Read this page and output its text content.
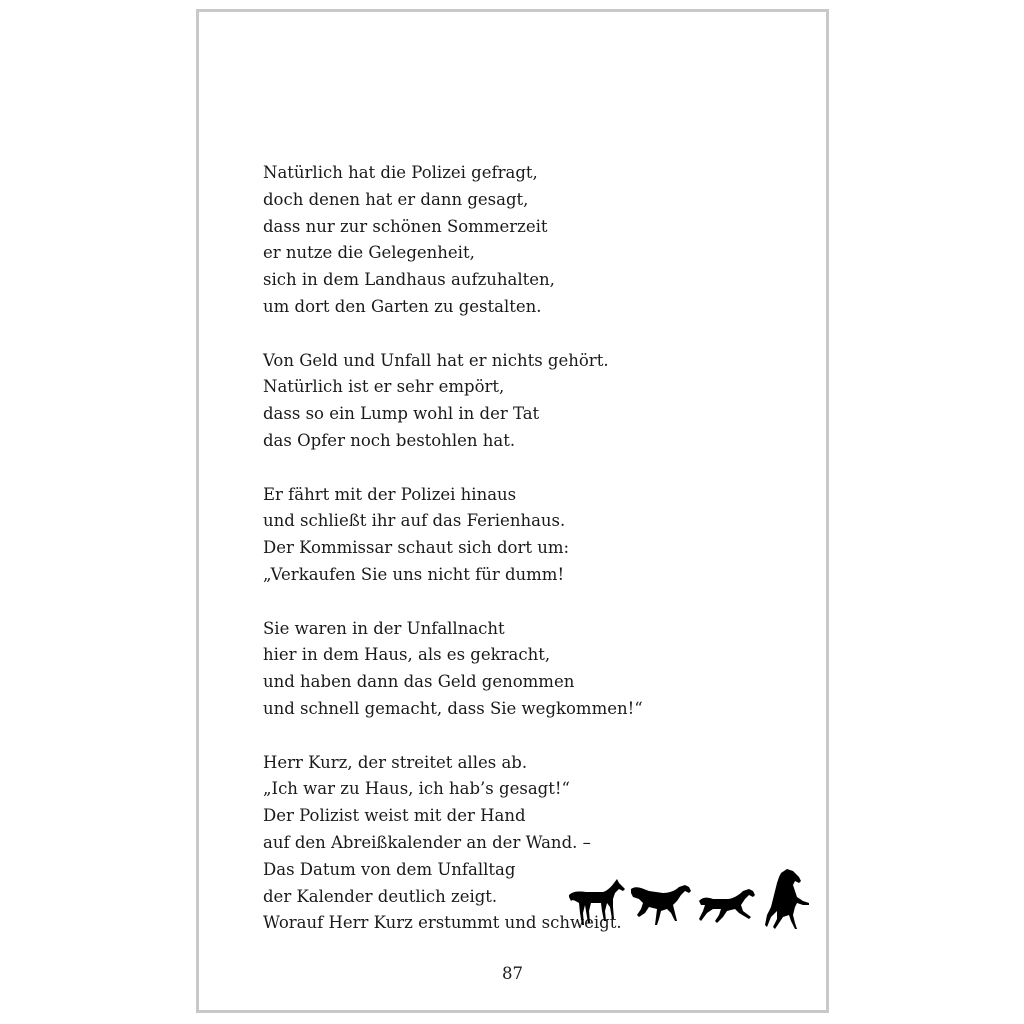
Natürlich hat die Polizei gefragt,
doch denen hat er dann gesagt,
dass nur zur schönen Sommerzeit
er nutze die Gelegenheit,
sich in dem Landhaus aufzuhalten,
um dort den Garten zu gestalten.
Von Geld und Unfall hat er nichts gehört.
Natürlich ist er sehr empört,
dass so ein Lump wohl in der Tat
das Opfer noch bestohlen hat.
Er fährt mit der Polizei hinaus
und schließt ihr auf das Ferienhaus.
Der Kommissar schaut sich dort um:
„Verkaufen Sie uns nicht für dumm!
Sie waren in der Unfallnacht
hier in dem Haus, als es gekracht,
und haben dann das Geld genommen
und schnell gemacht, dass Sie wegkommen!“
Herr Kurz, der streitet alles ab.
„Ich war zu Haus, ich hab’s gesagt!“
Der Polizist weist mit der Hand
auf den Abreißkalender an der Wand. –
Das Datum von dem Unfalltag
der Kalender deutlich zeigt.
Worauf Herr Kurz erstummt und schweigt.
87
